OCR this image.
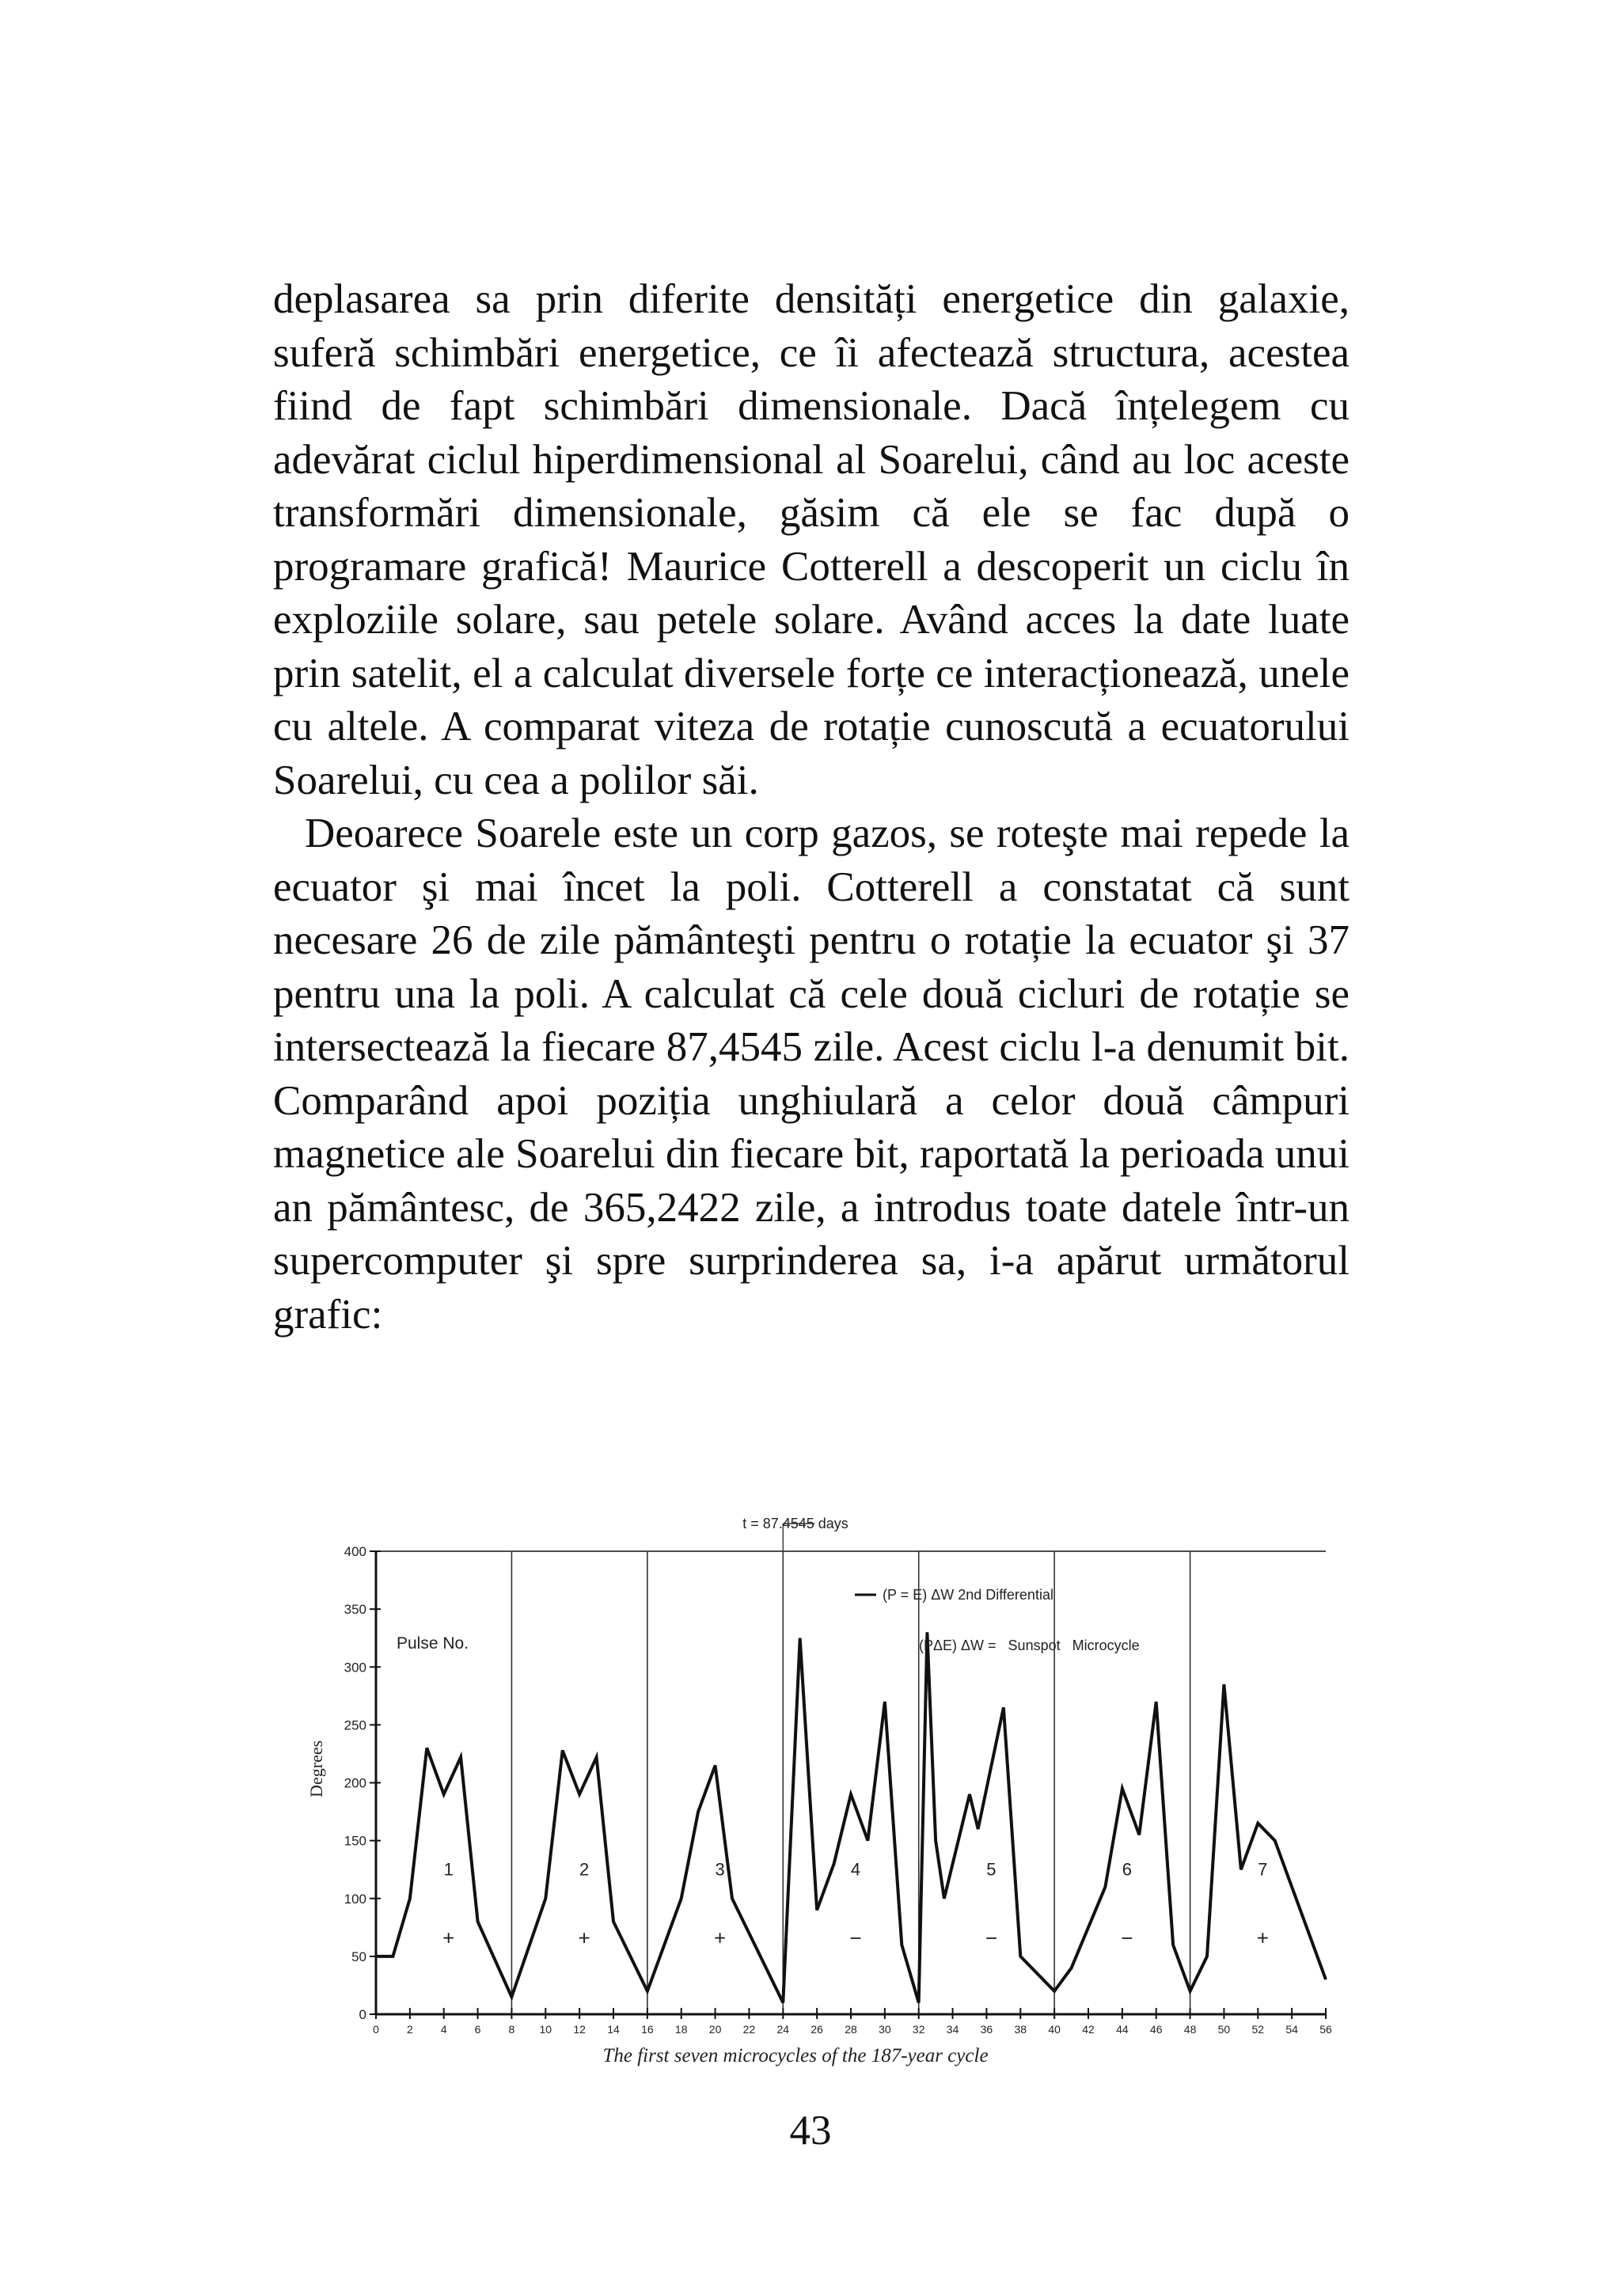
deplasarea sa prin diferite densități energetice din galaxie, suferă schimbări energetice, ce îi afectează structura, acestea fiind de fapt schimbări dimensionale. Dacă înțelegem cu adevărat ciclul hiperdimensional al Soarelui, când au loc aceste transformări dimensionale, găsim că ele se fac după o programare grafică! Maurice Cotterell a descoperit un ciclu în exploziile solare, sau petele solare. Având acces la date luate prin satelit, el a calculat diversele forțe ce interacționează, unele cu altele. A comparat viteza de rotație cunoscută a ecuatorului Soarelui, cu cea a polilor săi.

Deoarece Soarele este un corp gazos, se roteşte mai repede la ecuator şi mai încet la poli. Cotterell a constatat că sunt necesare 26 de zile pământeşti pentru o rotație la ecuator şi 37 pentru una la poli. A calculat că cele două cicluri de rotație se intersectează la fiecare 87,4545 zile. Acest ciclu l-a denumit bit. Comparând apoi poziția unghiulară a celor două câmpuri magnetice ale Soarelui din fiecare bit, raportată la perioada unui an pământesc, de 365,2422 zile, a introdus toate datele într-un supercomputer şi spre surprinderea sa, i-a apărut următorul grafic:

0
50
100
150
200
250
300
350
400
0	2	4	6	8 10 12 14 16 18 20 22 24 26 28 30 32 34 36 38 40 42 44 46 48 50 52 54 56
t = 87.4545 days
Degrees
The first seven microcycles of the 187-year cycle
Pulse No.
(P = E) ΔW 2nd Differential
(PΔE) ΔW =   Sunspot   Microcycle
1
+
2
+
3
+
4
−
5
−
6
−
7
+
43
